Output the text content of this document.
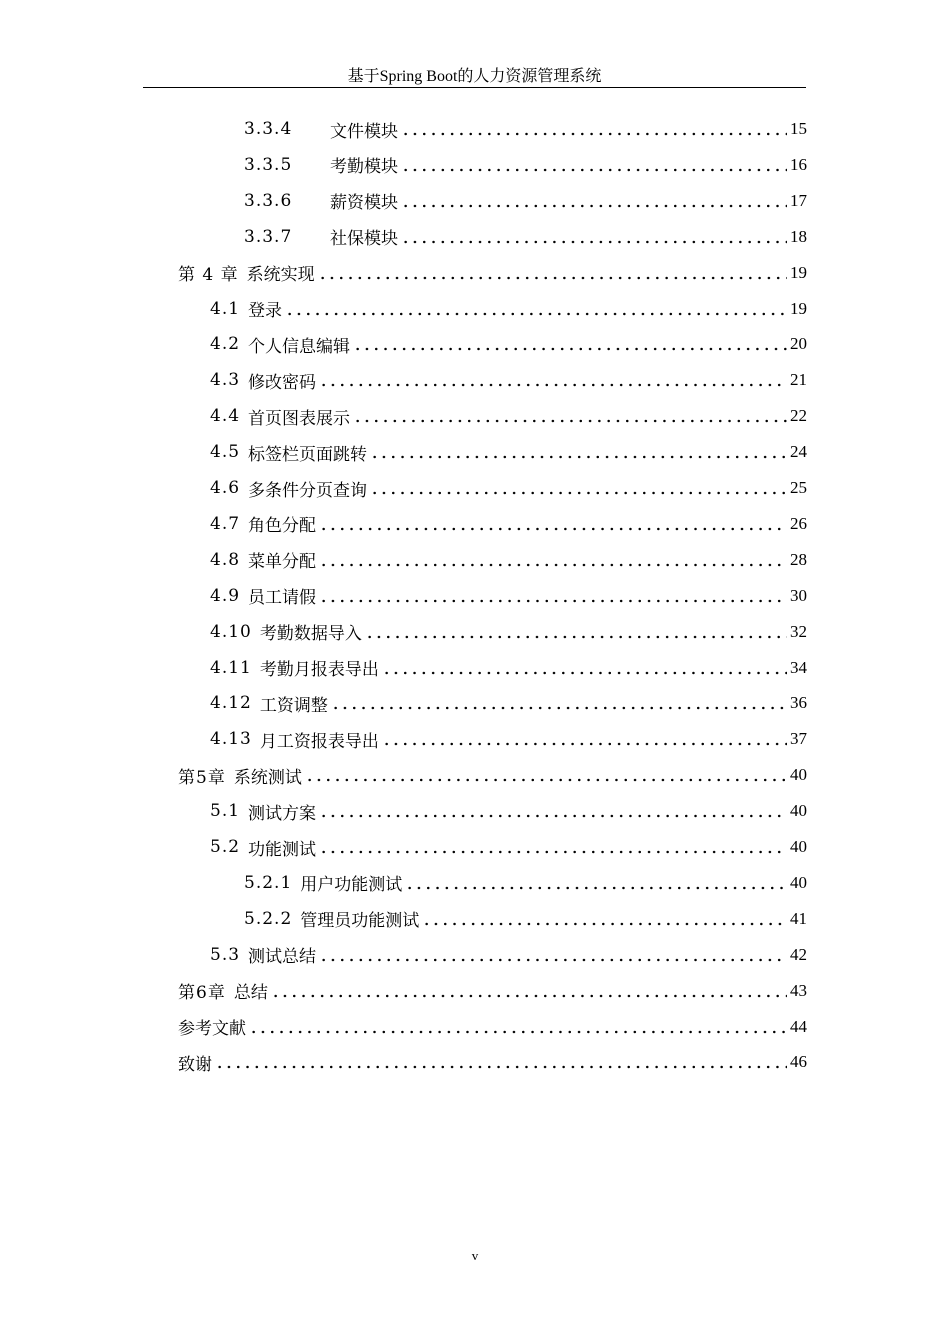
基于Spring Boot的人力资源管理系统
3.3.4	文件模块	15
3.3.5	考勤模块	16
3.3.6	薪资模块	17
3.3.7	社保模块	18
第 4 章 系统实现	19
4.1 登录	19
4.2 个人信息编辑	20
4.3 修改密码	21
4.4 首页图表展示	22
4.5 标签栏页面跳转	24
4.6 多条件分页查询	25
4.7 角色分配	26
4.8 菜单分配	28
4.9 员工请假	30
4.10 考勤数据导入	32
4.11 考勤月报表导出	34
4.12 工资调整	36
4.13 月工资报表导出	37
第5章 系统测试	40
5.1 测试方案	40
5.2 功能测试	40
5.2.1 用户功能测试	40
5.2.2 管理员功能测试	41
5.3 测试总结	42
第6章 总结	43
参考文献	44
致谢	46
v
